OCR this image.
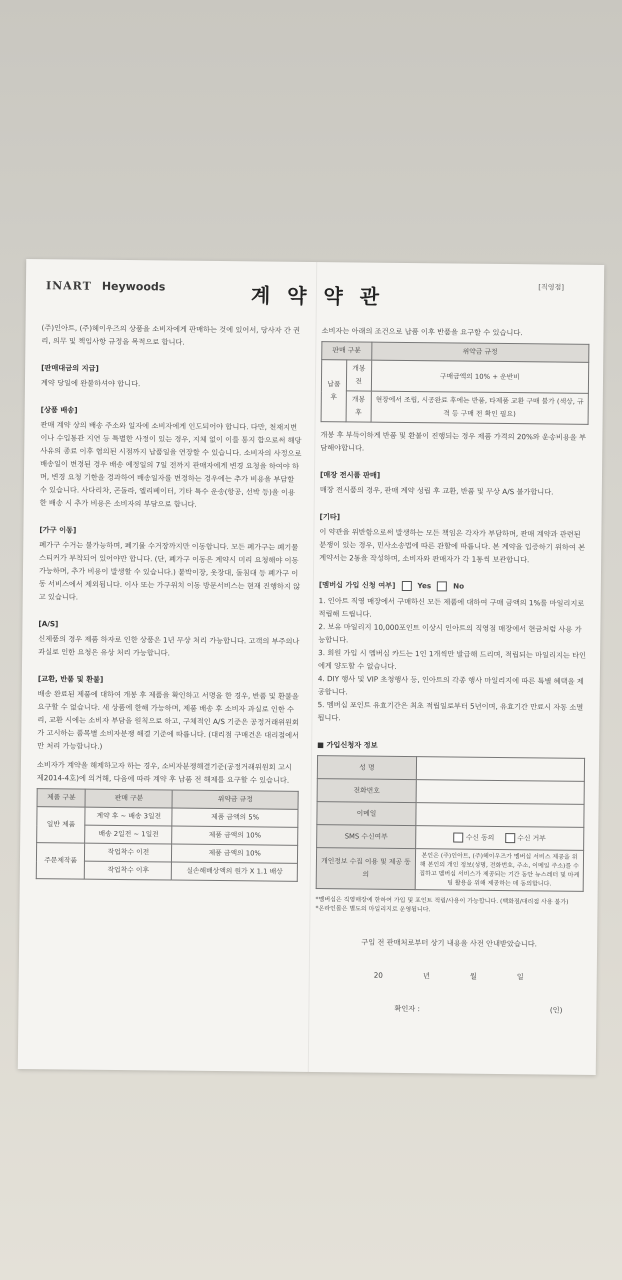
INART Heywoods	계 약 약 관	[직영점]

(주)인아트, (주)헤이우즈의 상품을 소비자에게 판매하는 것에 있어서, 당사자 간 권리, 의무 및 책임사항 규정을 목적으로 합니다.

[판매대금의 지급]

계약 당일에 완불하셔야 합니다.

[상품 배송]

판매 계약 상의 배송 주소와 일자에 소비자에게 인도되어야 합니다. 다만, 천재지변이나 수입통관 지연 등 특별한 사정이 있는 경우, 지체 없이 이를 통지 함으로써 해당 사유의 종료 이후 협의된 시점까지 납품일을 연장할 수 있습니다. 소비자의 사정으로 배송일이 변경된 경우 배송 예정일의 7일 전까지 판매자에게 변경 요청을 하여야 하며, 변경 요청 기한을 경과하여 배송일자를 변경하는 경우에는 추가 비용을 부담할 수 있습니다. 사다리차, 곤돌라, 엘리베이터, 기타 특수 운송(항공, 선박 등)을 이용한 배송 시 추가 비용은 소비자의 부담으로 합니다.

[가구 이동]

폐가구 수거는 불가능하며, 폐기물 수거장까지만 이동합니다. 모든 폐가구는 폐기물 스티커가 부착되어 있어야만 합니다. (단, 폐가구 이동은 계약시 미리 요청해야 이동가능하며, 추가 비용이 발생할 수 있습니다.) 붙박이장, 옷장대, 돌침대 등 폐가구 이동 서비스에서 제외됩니다. 이사 또는 가구위치 이동 방문서비스는 현재 진행하지 않고 있습니다.

[A/S]

신제품의 경우 제품 하자로 인한 상품은 1년 무상 처리 가능합니다. 고객의 부주의나 과실로 인한 요청은 유상 처리 가능합니다.

[교환, 반품 및 환불]

배송 완료된 제품에 대하여 개봉 후 제품을 확인하고 서명을 한 경우, 반품 및 환불을 요구할 수 없습니다. 새 상품에 한해 가능하며, 제품 배송 후 소비자 과실로 인한 수리, 교환 시에는 소비자 부담을 원칙으로 하고, 구체적인 A/S 기준은 공정거래위원회가 고시하는 품목별 소비자분쟁 해결 기준에 따릅니다. (대리점 구매건은 대리점에서만 처리 가능합니다.)

소비자가 계약을 해제하고자 하는 경우, 소비자분쟁해결기준(공정거래위원회 고시 제2014-4호)에 의거해, 다음에 따라 계약 후 납품 전 해제를 요구할 수 있습니다.

제품 구분	판매 구분	위약금 규정
일반 제품	계약 후 ~ 배송 3일전	제품 금액의 5%
	배송 2일전 ~ 1일전	제품 금액의 10%
주문제작품	작업착수 이전	제품 금액의 10%
	작업착수 이후	실손해배상액의 원가 X 1.1 배상

소비자는 아래의 조건으로 납품 이후 반품을 요구할 수 있습니다.

판매 구분		위약금 규정
납품 후	개봉 전	구매금액의 10% + 운반비
	개봉 후	현장에서 조립, 시공완료 후에는 반품, 타제품 교환 구매 불가 (색상, 규격 등 구매 전 확인 필요)

개봉 후 부득이하게 반품 및 환불이 진행되는 경우 제품 가격의 20%와 운송비용을 부담해야합니다.

[매장 전시품 판매]

매장 전시품의 경우, 판매 계약 성립 후 교환, 반품 및 무상 A/S 불가합니다.

[기타]

이 약관을 위반함으로써 발생하는 모든 책임은 각자가 부담하며, 판매 계약과 관련된 분쟁이 있는 경우, 민사소송법에 따른 관할에 따릅니다. 본 계약을 입증하기 위하여 본 계약서는 2통을 작성하며, 소비자와 판매자가 각 1통씩 보관합니다.

[멤버십 가입 신청 여부]	Yes	No
1. 인아트 직영 매장에서 구매하신 모든 제품에 대하여 구매 금액의 1%를 마일리지로 적립해 드립니다.
2. 보유 마일리지 10,000포인트 이상시 인아트의 직영점 매장에서 현금처럼 사용 가능합니다.
3. 회원 가입 시 멤버십 카드는 1인 1개씩만 발급해 드리며, 적립되는 마일리지는 타인에게 양도할 수 없습니다.
4. DIY 행사 및 VIP 초청행사 등, 인아트의 각종 행사 마일리지에 따른 특별 혜택을 제공합니다.
5. 멤버십 포인트 유효기간은 최초 적립일로부터 5년이며, 유효기간 만료시 자동 소멸됩니다.
■ 가입신청자 정보
성 명	
전화번호	
이메일	
SMS 수신여부	수신 동의 수신 거부
개인정보 수집 이용 및 제공 동의	본인은 (주)인아트, (주)헤이우즈가 멤버십 서비스 제공을 위해 본인의 개인 정보(성명, 전화번호, 주소, 이메일 주소)를 수집하고 멤버십 서비스가 제공되는 기간 동안 뉴스레터 및 마케팅 활용을 위해 제공하는 데 동의합니다.
*멤버십은 직영매장에 한하여 가입 및 포인트 적립/사용이 가능합니다. (백화점/대리점 사용 불가)
*온라인몰은 별도의 마일리지로 운영됩니다.
구입 전 판매처로부터 상기 내용을 사전 안내받았습니다.
20	년	월	일
확인자 :	(인)
